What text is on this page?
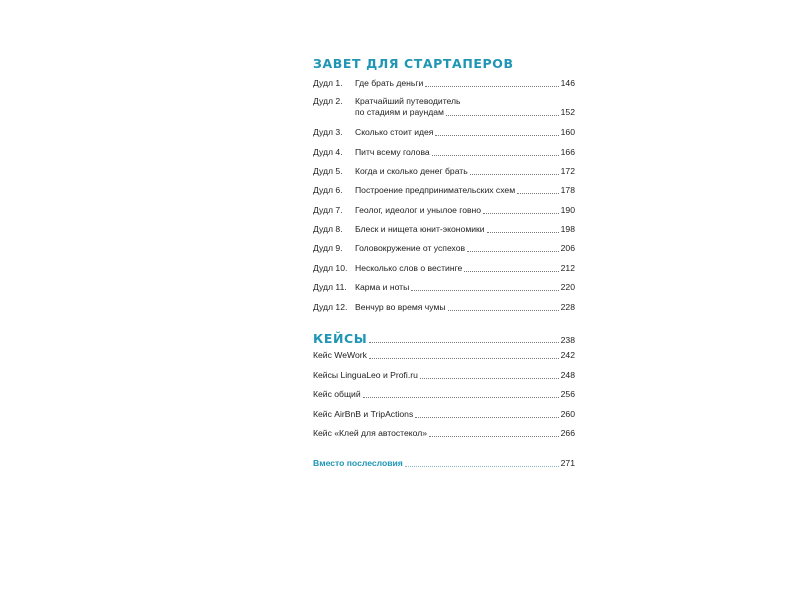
ЗАВЕТ ДЛЯ СТАРТАПЕРОВ
Дудл 1.	Где брать деньги	146
Дудл 2.	Кратчайший путеводитель
по стадиям и раундам	152
Дудл 3.	Сколько стоит идея	160
Дудл 4.	Питч всему голова	166
Дудл 5.	Когда и сколько денег брать	172
Дудл 6.	Построение предпринимательских схем	178
Дудл 7.	Геолог, идеолог и унылое говно	190
Дудл 8.	Блеск и нищета юнит-экономики	198
Дудл 9.	Головокружение от успехов	206
Дудл 10. Несколько слов о вестинге	212
Дудл 11. Карма и ноты	220
Дудл 12. Венчур во время чумы	228
КЕЙСЫ	238
Кейс WeWork	242
Кейсы LinguaLeo и Profi.ru	248
Кейс общий	256
Кейс AirBnB и TripActions	260
Кейс «Клей для автостекол»	266
Вместо послесловия	271
